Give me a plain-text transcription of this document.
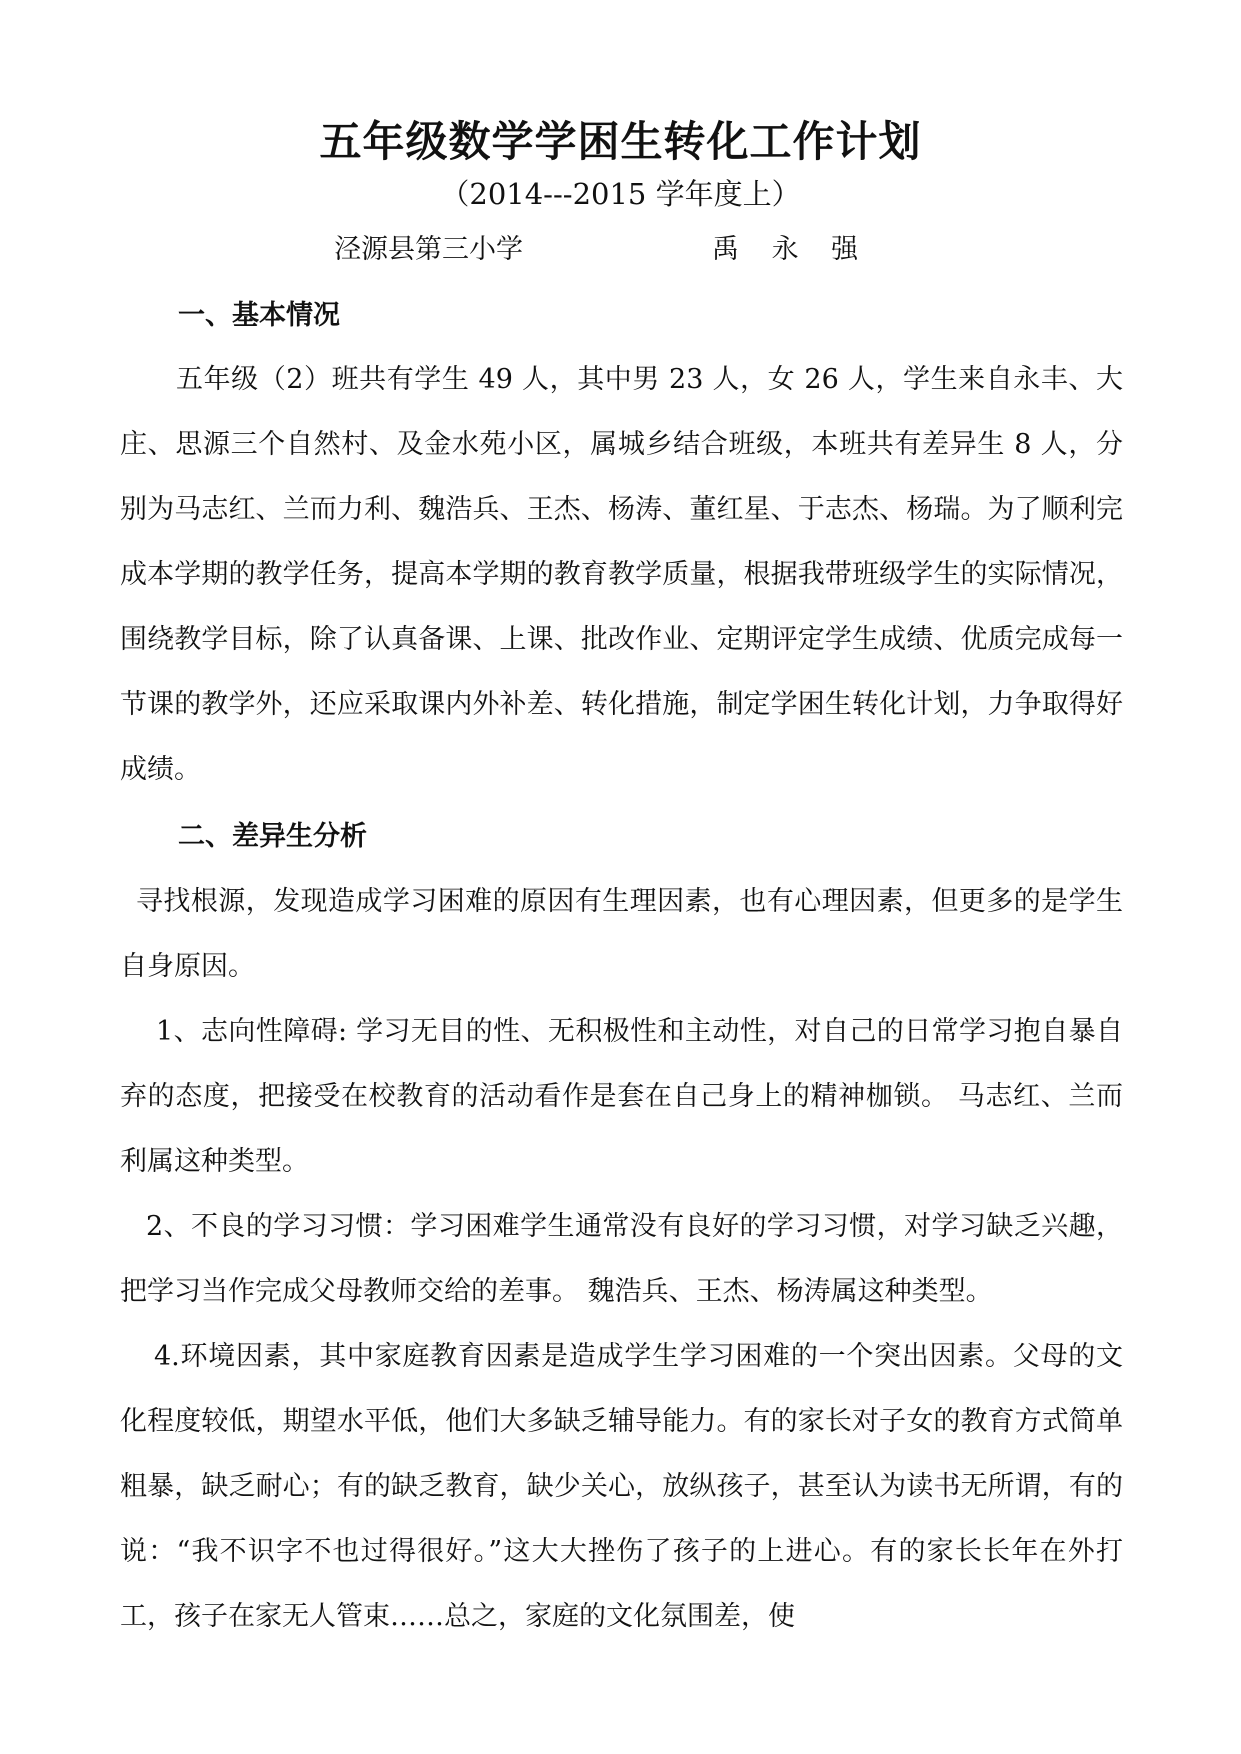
五年级数学学困生转化工作计划
（2014---2015 学年度上）
泾源县第三小学	禹 永 强
一、基本情况

五年级（2）班共有学生 49 人，其中男 23 人，女 26 人，学生来自永丰、大庄、思源三个自然村、及金水苑小区，属城乡结合班级，本班共有差异生 8 人，分别为马志红、兰而力利、魏浩兵、王杰、杨涛、董红星、于志杰、杨瑞。为了顺利完成本学期的教学任务，提高本学期的教育教学质量，根据我带班级学生的实际情况，围绕教学目标，除了认真备课、上课、批改作业、定期评定学生成绩、优质完成每一节课的教学外，还应采取课内外补差、转化措施，制定学困生转化计划，力争取得好成绩。

二、差异生分析

寻找根源，发现造成学习困难的原因有生理因素，也有心理因素，但更多的是学生自身原因。

1、志向性障碍: 学习无目的性、无积极性和主动性，对自己的日常学习抱自暴自弃的态度，把接受在校教育的活动看作是套在自己身上的精神枷锁。 马志红、兰而利属这种类型。

2、不良的学习习惯：学习困难学生通常没有良好的学习习惯，对学习缺乏兴趣，把学习当作完成父母教师交给的差事。 魏浩兵、王杰、杨涛属这种类型。

4.环境因素，其中家庭教育因素是造成学生学习困难的一个突出因素。父母的文化程度较低，期望水平低，他们大多缺乏辅导能力。有的家长对子女的教育方式简单粗暴，缺乏耐心；有的缺乏教育，缺少关心，放纵孩子，甚至认为读书无所谓，有的说：“我不识字不也过得很好。”这大大挫伤了孩子的上进心。有的家长长年在外打工，孩子在家无人管束……总之，家庭的文化氛围差，使
